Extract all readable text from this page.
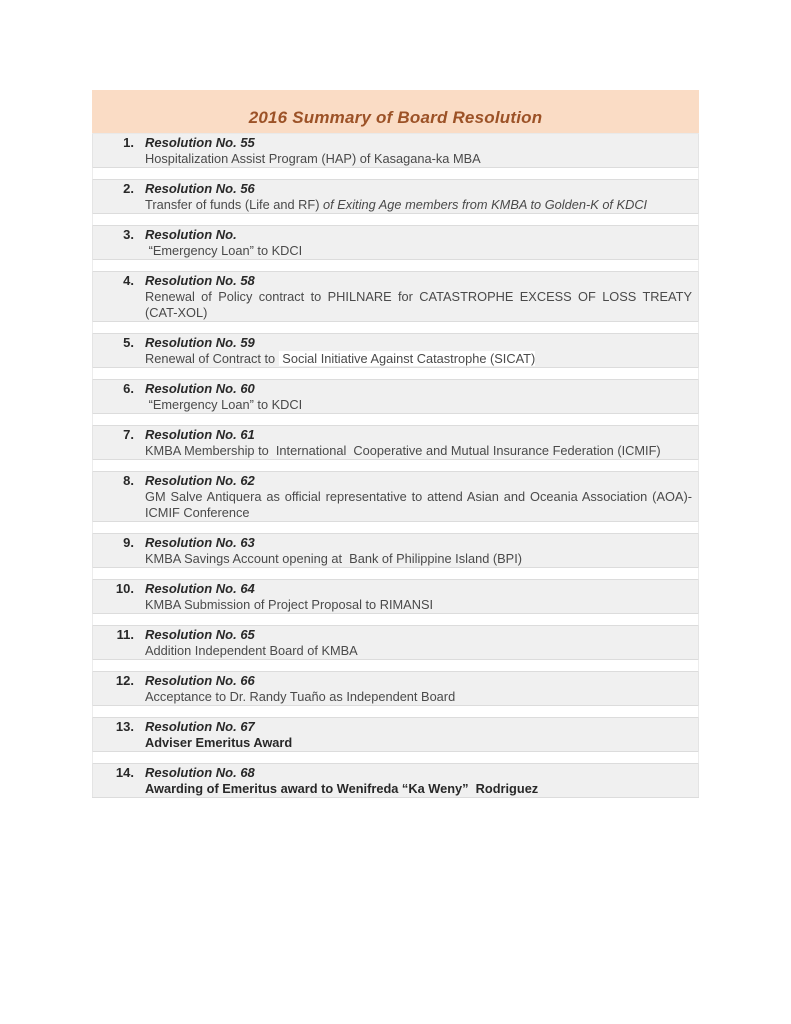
2016 Summary of Board Resolution
1. Resolution No. 55
Hospitalization Assist Program (HAP) of Kasagana-ka MBA
2. Resolution No. 56
Transfer of funds (Life and RF) of Exiting Age members from KMBA to Golden-K of KDCI
3. Resolution No.
“Emergency Loan” to KDCI
4. Resolution No. 58
Renewal of Policy contract to PHILNARE for CATASTROPHE EXCESS OF LOSS TREATY (CAT-XOL)
5. Resolution No. 59
Renewal of Contract to  Social Initiative Against Catastrophe (SICAT)
6. Resolution No. 60
“Emergency Loan” to KDCI
7. Resolution No. 61
KMBA Membership to  International  Cooperative and Mutual Insurance Federation (ICMIF)
8. Resolution No. 62
GM Salve Antiquera as official representative to attend Asian and Oceania Association (AOA)-ICMIF Conference
9. Resolution No. 63
KMBA Savings Account opening at  Bank of Philippine Island (BPI)
10. Resolution No. 64
KMBA Submission of Project Proposal to RIMANSI
11. Resolution No. 65
Addition Independent Board of KMBA
12. Resolution No. 66
Acceptance to Dr. Randy Tuaño as Independent Board
13. Resolution No. 67
Adviser Emeritus Award
14. Resolution No. 68
Awarding of Emeritus award to Wenifreda “Ka Weny”  Rodriguez
